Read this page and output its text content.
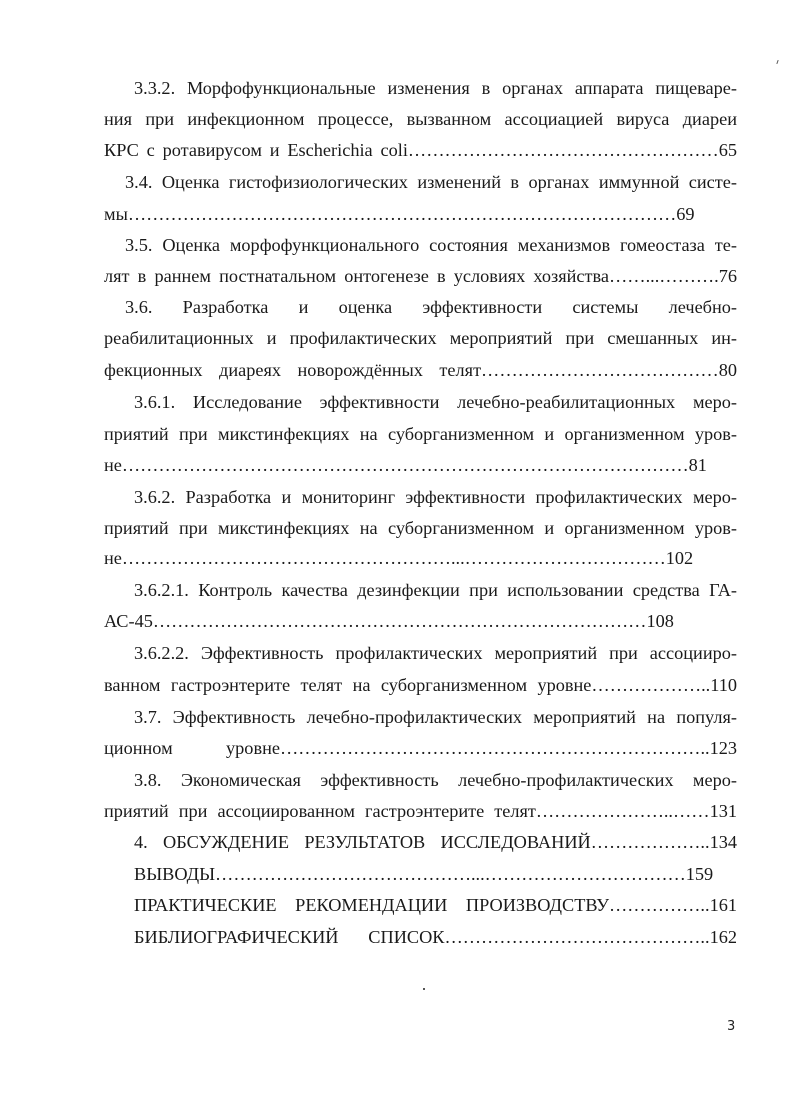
3.3.2. Морфофункциональные изменения в органах аппарата пищеваре-
ния при инфекционном процессе, вызванном ассоциацией вируса диареи
КРС с ротавирусом и Escherichia coli……………………………………………65
3.4. Оценка гистофизиологических изменений в органах иммунной систе-
мы………………………………………………………………………………69
3.5. Оценка морфофункционального состояния механизмов гомеостаза те-
лят в раннем постнатальном онтогенезе в условиях хозяйства……...……….76
3.6. Разработка и оценка эффективности системы лечебно-
реабилитационных и профилактических мероприятий при смешанных ин-
фекционных диареях новорождённых телят…………………………………80
3.6.1. Исследование эффективности лечебно-реабилитационных меро-
приятий при микстинфекциях на суборганизменном и организменном уров-
не…………………………………………………………………………………81
3.6.2. Разработка и мониторинг эффективности профилактических меро-
приятий при микстинфекциях на суборганизменном и организменном уров-
не………………………………………………...……………………………102
3.6.2.1. Контроль качества дезинфекции при использовании средства ГА-
АС-45………………………………………………………………………108
3.6.2.2. Эффективность профилактических мероприятий при ассоцииро-
ванном гастроэнтерите телят на суборганизменном уровне………………..110
3.7. Эффективность лечебно-профилактических мероприятий на популя-
ционном уровне……………………………………………………………..123
3.8. Экономическая эффективность лечебно-профилактических меро-
приятий при ассоциированном гастроэнтерите телят…………………..……131
4. ОБСУЖДЕНИЕ РЕЗУЛЬТАТОВ ИССЛЕДОВАНИЙ………………..134
ВЫВОДЫ……………………………………...……………………………159
ПРАКТИЧЕСКИЕ РЕКОМЕНДАЦИИ ПРОИЗВОДСТВУ……………..161
БИБЛИОГРАФИЧЕСКИЙ СПИСОК……………………………………..162
3
